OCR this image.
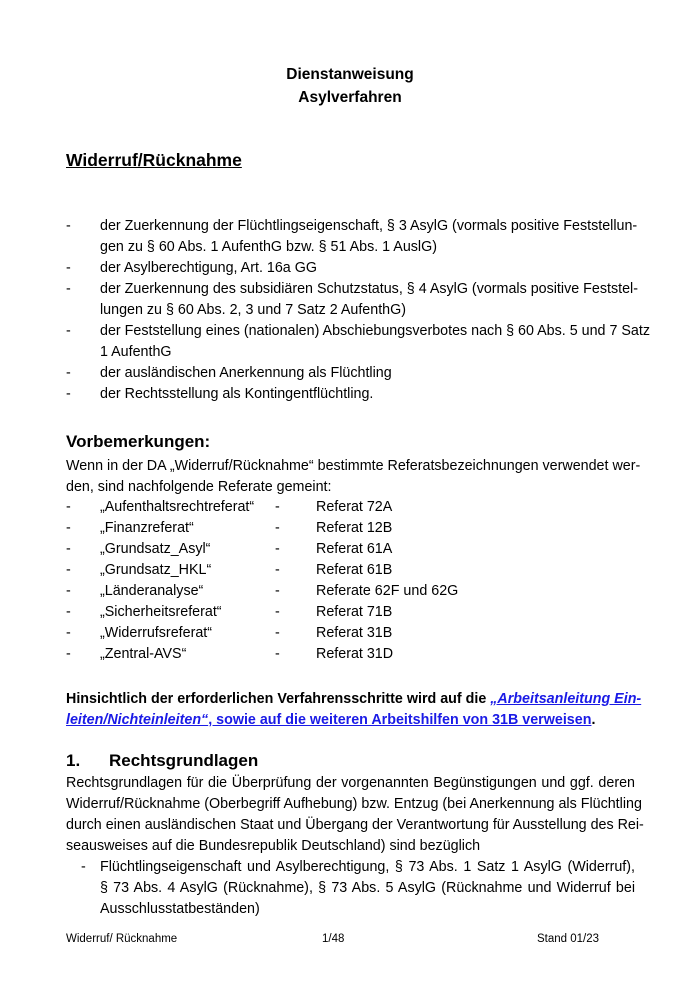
Dienstanweisung
Asylverfahren
Widerruf/Rücknahme
- der Zuerkennung der Flüchtlingseigenschaft, § 3 AsylG (vormals positive Feststellun-
gen zu § 60 Abs. 1 AufenthG bzw. § 51 Abs. 1 AuslG)
- der Asylberechtigung, Art. 16a GG
- der Zuerkennung des subsidiären Schutzstatus, § 4 AsylG (vormals positive Feststel-
lungen zu § 60 Abs. 2, 3 und 7 Satz 2 AufenthG)
- der Feststellung eines (nationalen) Abschiebungsverbotes nach § 60 Abs. 5 und 7 Satz
1 AufenthG
- der ausländischen Anerkennung als Flüchtling
- der Rechtsstellung als Kontingentflüchtling.
Vorbemerkungen:
Wenn in der DA „Widerruf/Rücknahme“ bestimmte Referatsbezeichnungen verwendet wer-
den, sind nachfolgende Referate gemeint:
- „Aufenthaltsrechtreferat“ -	Referat 72A
- „Finanzreferat“	-	Referat 12B
- „Grundsatz_Asyl“	-	Referat 61A
- „Grundsatz_HKL“	-	Referat 61B
- „Länderanalyse“	-	Referate 62F und 62G
- „Sicherheitsreferat“	-	Referat 71B
- „Widerrufsreferat“	-	Referat 31B
- „Zentral-AVS“	-	Referat 31D
Hinsichtlich der erforderlichen Verfahrensschritte wird auf die „Arbeitsanleitung Ein-
leiten/Nichteinleiten“, sowie auf die weiteren Arbeitshilfen von 31B verweisen.
1. Rechtsgrundlagen
Rechtsgrundlagen für die Überprüfung der vorgenannten Begünstigungen und ggf. deren
Widerruf/Rücknahme (Oberbegriff Aufhebung) bzw. Entzug (bei Anerkennung als Flüchtling
durch einen ausländischen Staat und Übergang der Verantwortung für Ausstellung des Rei-
seausweises auf die Bundesrepublik Deutschland) sind bezüglich
- Flüchtlingseigenschaft und Asylberechtigung, § 73 Abs. 1 Satz 1 AsylG (Widerruf),
§ 73 Abs. 4 AsylG (Rücknahme), § 73 Abs. 5 AsylG (Rücknahme und Widerruf bei
Ausschlusstatbeständen)
Widerruf/ Rücknahme	1/48	Stand 01/23
